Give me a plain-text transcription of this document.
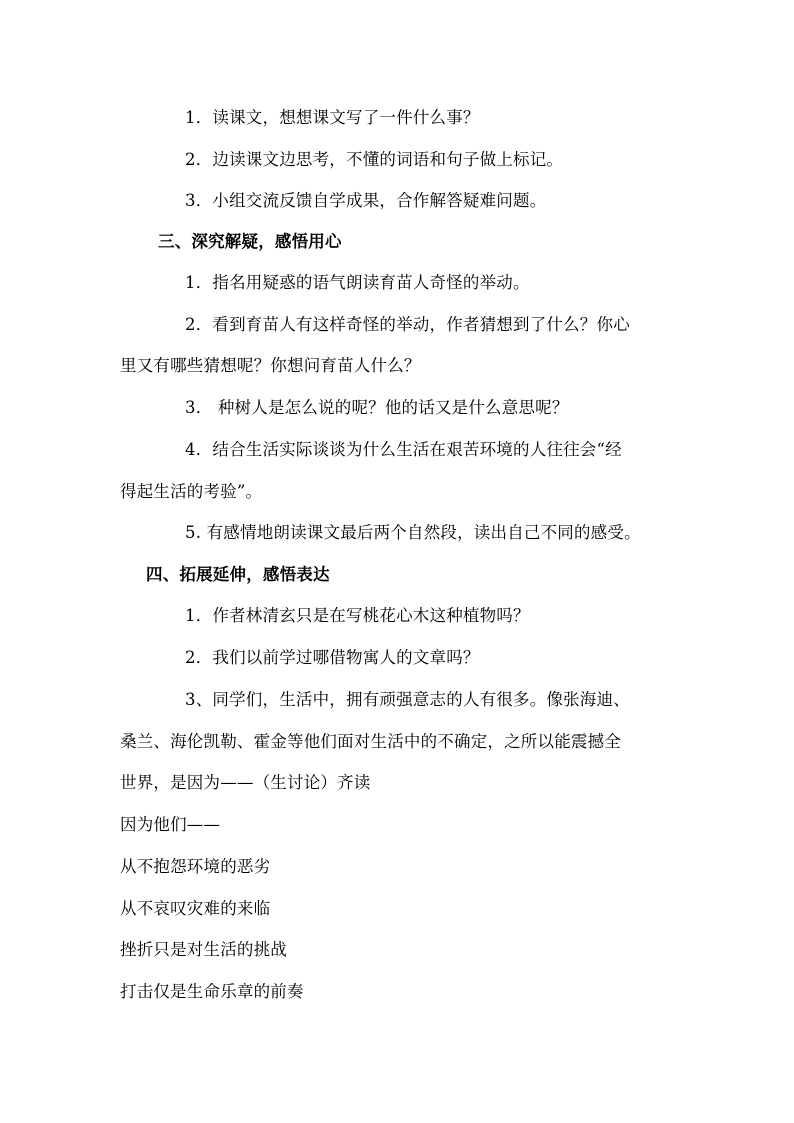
1．读课文，想想课文写了一件什么事？
2．边读课文边思考，不懂的词语和句子做上标记。
3．小组交流反馈自学成果，合作解答疑难问题。
三、深究解疑，感悟用心
1．指名用疑惑的语气朗读育苗人奇怪的举动。
2．看到育苗人有这样奇怪的举动，作者猜想到了什么？你心
里又有哪些猜想呢？你想问育苗人什么？
3． 种树人是怎么说的呢？他的话又是什么意思呢？
4．结合生活实际谈谈为什么生活在艰苦环境的人往往会“经
得起生活的考验”。
5. 有感情地朗读课文最后两个自然段，读出自己不同的感受。
四、拓展延伸，感悟表达
1．作者林清玄只是在写桃花心木这种植物吗？
2．我们以前学过哪借物寓人的文章吗？
3、同学们，生活中，拥有顽强意志的人有很多。像张海迪、
桑兰、海伦凯勒、霍金等他们面对生活中的不确定，之所以能震撼全
世界，是因为——（生讨论）齐读
因为他们——
从不抱怨环境的恶劣
从不哀叹灾难的来临
挫折只是对生活的挑战
打击仅是生命乐章的前奏
